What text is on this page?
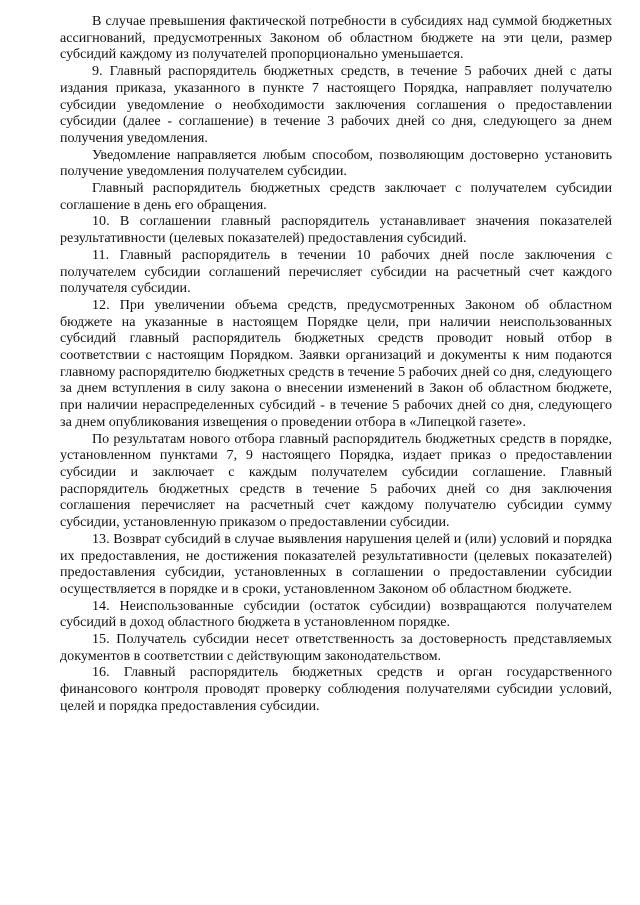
В случае превышения фактической потребности в субсидиях над суммой бюджетных ассигнований, предусмотренных Законом об областном бюджете на эти цели, размер субсидий каждому из получателей пропорционально уменьшается.

9. Главный распорядитель бюджетных средств, в течение 5 рабочих дней с даты издания приказа, указанного в пункте 7 настоящего Порядка, направляет получателю субсидии уведомление о необходимости заключения соглашения о предоставлении субсидии (далее - соглашение) в течение 3 рабочих дней со дня, следующего за днем получения уведомления.

Уведомление направляется любым способом, позволяющим достоверно установить получение уведомления получателем субсидии.

Главный распорядитель бюджетных средств заключает с получателем субсидии соглашение в день его обращения.

10. В соглашении главный распорядитель устанавливает значения показателей результативности (целевых показателей) предоставления субсидий.

11. Главный распорядитель в течении 10 рабочих дней после заключения с получателем субсидии соглашений перечисляет субсидии на расчетный счет каждого получателя субсидии.

12. При увеличении объема средств, предусмотренных Законом об областном бюджете на указанные в настоящем Порядке цели, при наличии неиспользованных субсидий главный распорядитель бюджетных средств проводит новый отбор в соответствии с настоящим Порядком. Заявки организаций и документы к ним подаются главному распорядителю бюджетных средств в течение 5 рабочих дней со дня, следующего за днем вступления в силу закона о внесении изменений в Закон об областном бюджете, при наличии нераспределенных субсидий - в течение 5 рабочих дней со дня, следующего за днем опубликования извещения о проведении отбора в «Липецкой газете».

По результатам нового отбора главный распорядитель бюджетных средств в порядке, установленном пунктами 7, 9 настоящего Порядка, издает приказ о предоставлении субсидии и заключает с каждым получателем субсидии соглашение. Главный распорядитель бюджетных средств в течение 5 рабочих дней со дня заключения соглашения перечисляет на расчетный счет каждому получателю субсидии сумму субсидии, установленную приказом о предоставлении субсидии.

13. Возврат субсидий в случае выявления нарушения целей и (или) условий и порядка их предоставления, не достижения показателей результативности (целевых показателей) предоставления субсидии, установленных в соглашении о предоставлении субсидии осуществляется в порядке и в сроки, установленном Законом об областном бюджете.

14. Неиспользованные субсидии (остаток субсидии) возвращаются получателем субсидий в доход областного бюджета в установленном порядке.

15. Получатель субсидии несет ответственность за достоверность представляемых документов в соответствии с действующим законодательством.

16. Главный распорядитель бюджетных средств и орган государственного финансового контроля проводят проверку соблюдения получателями субсидии условий, целей и порядка предоставления субсидии.
